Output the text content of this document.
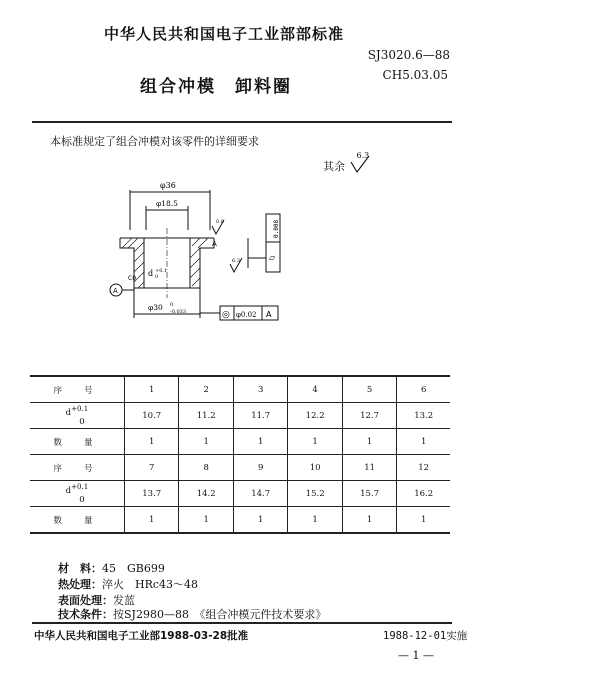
中华人民共和国电子工业部部标准
SJ3020.6—88
CH5.03.05
组合冲模　卸料圈
本标准规定了组合冲模对该零件的详细要求
其余
6.3
φ36
φ18.5
φ30 0
-0.033
d +0.1
0
A
A
C0
0.008
▱
◎ φ0.02 A
0.8
6.3
序号	1	2	3	4	5	6
$d^{+0.1}$
0	10.7	11.2	11.7	12.2	12.7	13.2
数量	1	1	1	1	1	1
序号	7	8	9	10	11	12
$d^{+0.1}$
0	13.7	14.2	14.7	15.2	15.7	16.2
数量	1	1	1	1	1	1
材　料：45　GB699
热处理：淬火　HRc43～48
表面处理：发蓝
技术条件：按SJ2980—88　《组合冲模元件技术要求》
中华人民共和国电子工业部1988-03-28批准	1988-12-01实施
— 1 —
